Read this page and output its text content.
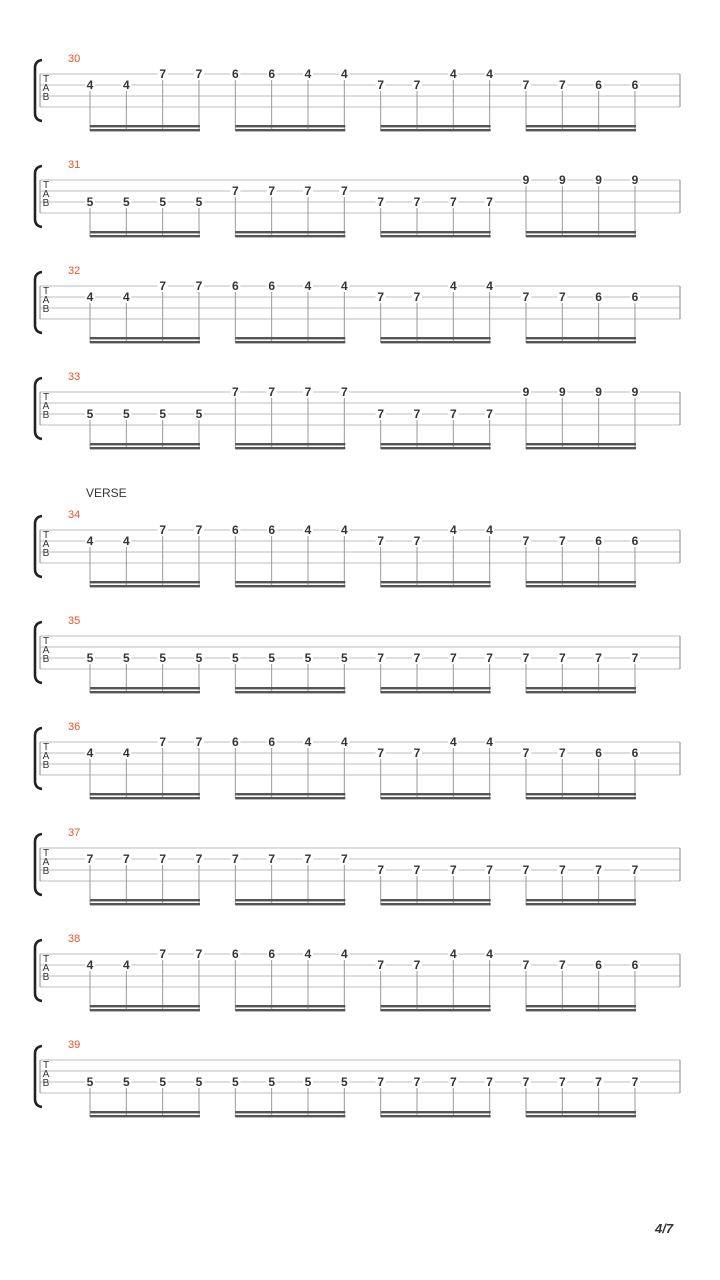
30
T
A
B
4 4
7 7 6 6 4 4
7 7
4 4
7 7 6 6
31
T
A
B	5 5 5 5
7 7 7 7
7 7 7 7
9 9 9 9
32
T
A
B
4 4
7 7 6 6 4 4
7 7
4 4
7 7 6 6
33
T
A
B	5 5 5 5
7 7 7 7
7 7 7 7
9 9 9 9
VERSE
34
T
A
B
4 4
7 7 6 6 4 4
7 7
4 4
7 7 6 6
35
T
A
B	5 5 5 5 5 5 5 5 7 7 7 7 7 7 7 7
36
T
A
B
4 4
7 7 6 6 4 4
7 7
4 4
7 7 6 6
37
T
A
B
7 7 7 7 7 7 7 7
7 7 7 7 7 7 7 7
38
T
A
B
4 4
7 7 6 6 4 4
7 7
4 4
7 7 6 6
39
T
A
B	5 5 5 5 5 5 5 5 7 7 7 7 7 7 7 7
4/7
